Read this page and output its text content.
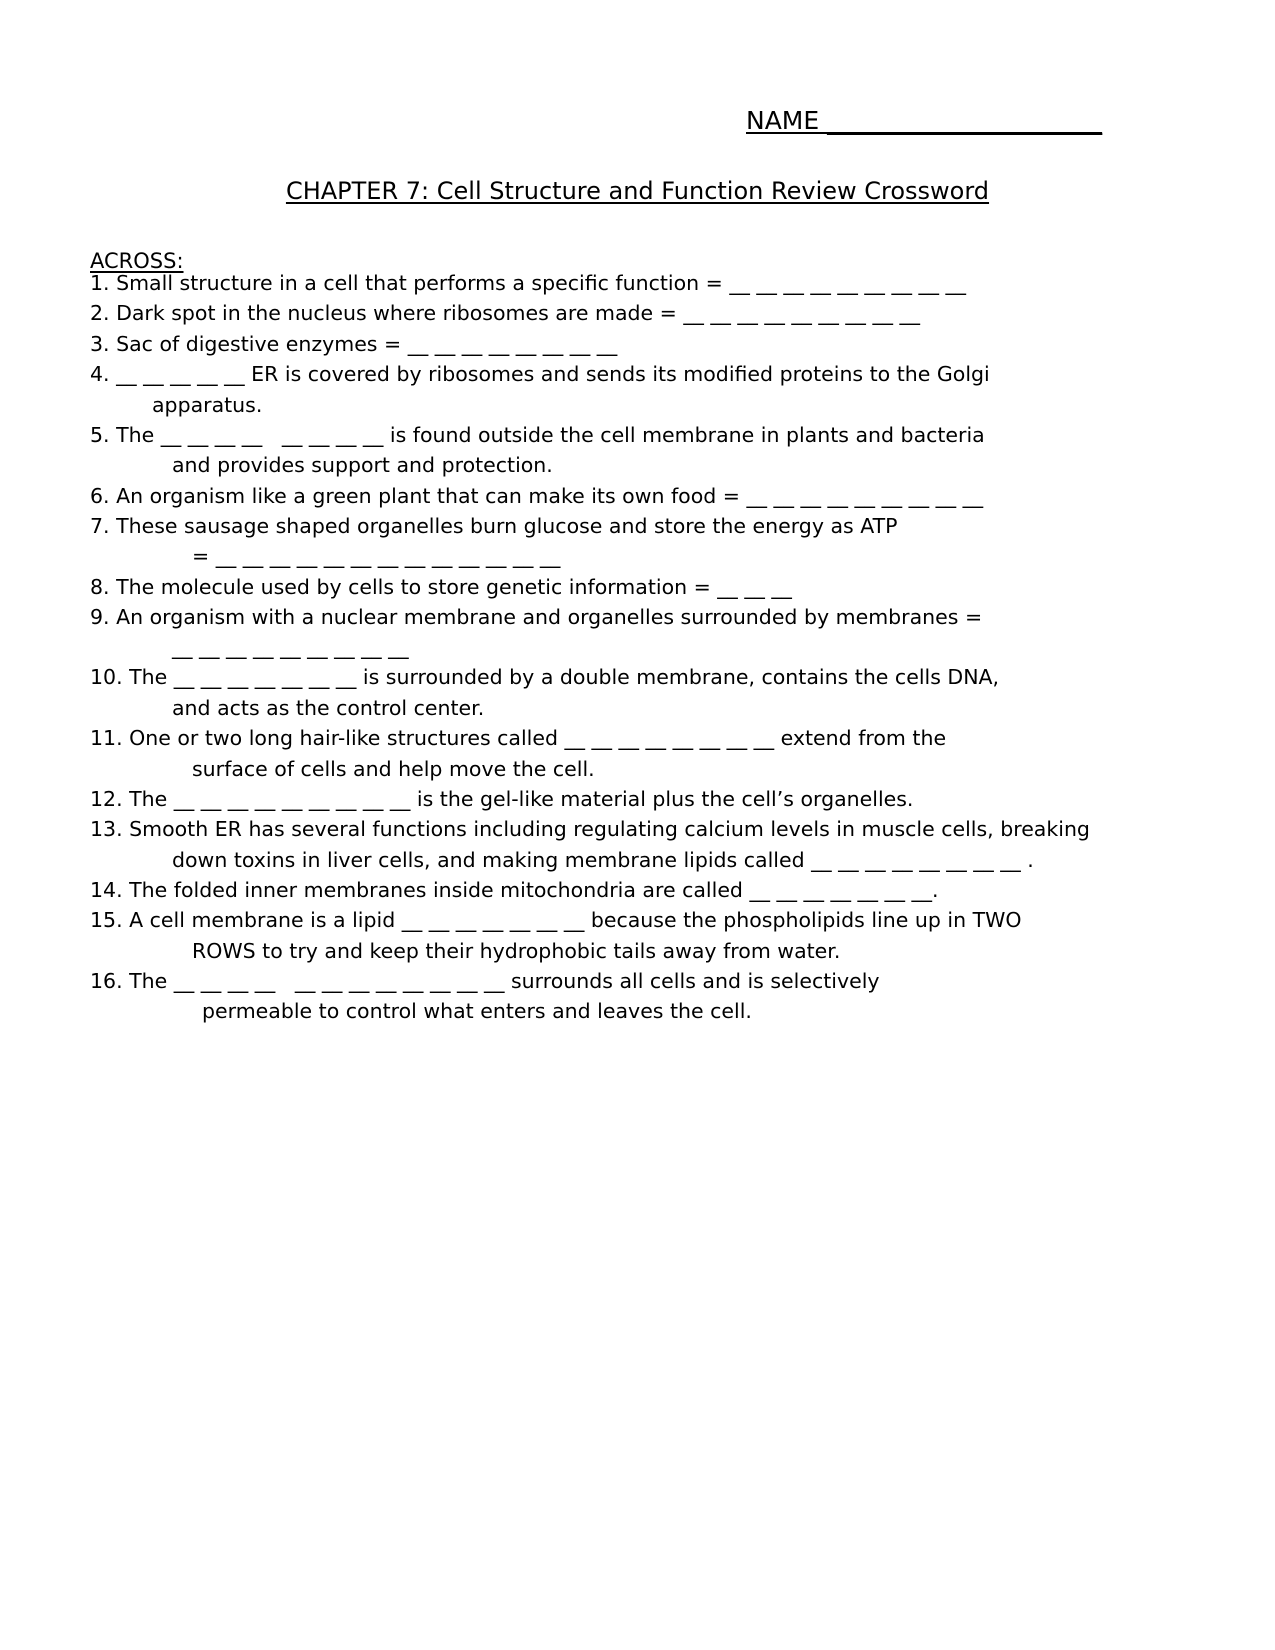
NAME ______________________
CHAPTER 7: Cell Structure and Function Review Crossword
ACROSS:
1. Small structure in a cell that performs a specific function = __ __ __ __ __ __ __ __ __
2. Dark spot in the nucleus where ribosomes are made = __ __ __ __ __ __ __ __ __
3. Sac of digestive enzymes = __ __ __ __ __ __ __ __
4. __ __ __ __ __ ER is covered by ribosomes and sends its modified proteins to the Golgi
apparatus.
5. The __ __ __ __   __ __ __ __ is found outside the cell membrane in plants and bacteria
and provides support and protection.
6. An organism like a green plant that can make its own food = __ __ __ __ __ __ __ __ __
7. These sausage shaped organelles burn glucose and store the energy as ATP
= __ __ __ __ __ __ __ __ __ __ __ __ __
8. The molecule used by cells to store genetic information = __ __ __
9. An organism with a nuclear membrane and organelles surrounded by membranes =
__ __ __ __ __ __ __ __ __
10. The __ __ __ __ __ __ __ is surrounded by a double membrane, contains the cells DNA,
and acts as the control center.
11. One or two long hair-like structures called __ __ __ __ __ __ __ __ extend from the
surface of cells and help move the cell.
12. The __ __ __ __ __ __ __ __ __ is the gel-like material plus the cell’s organelles.
13. Smooth ER has several functions including regulating calcium levels in muscle cells, breaking
down toxins in liver cells, and making membrane lipids called __ __ __ __ __ __ __ __ .
14. The folded inner membranes inside mitochondria are called __ __ __ __ __ __ __.
15. A cell membrane is a lipid __ __ __ __ __ __ __ because the phospholipids line up in TWO
ROWS to try and keep their hydrophobic tails away from water.
16. The __ __ __ __   __ __ __ __ __ __ __ __ surrounds all cells and is selectively
permeable to control what enters and leaves the cell.
